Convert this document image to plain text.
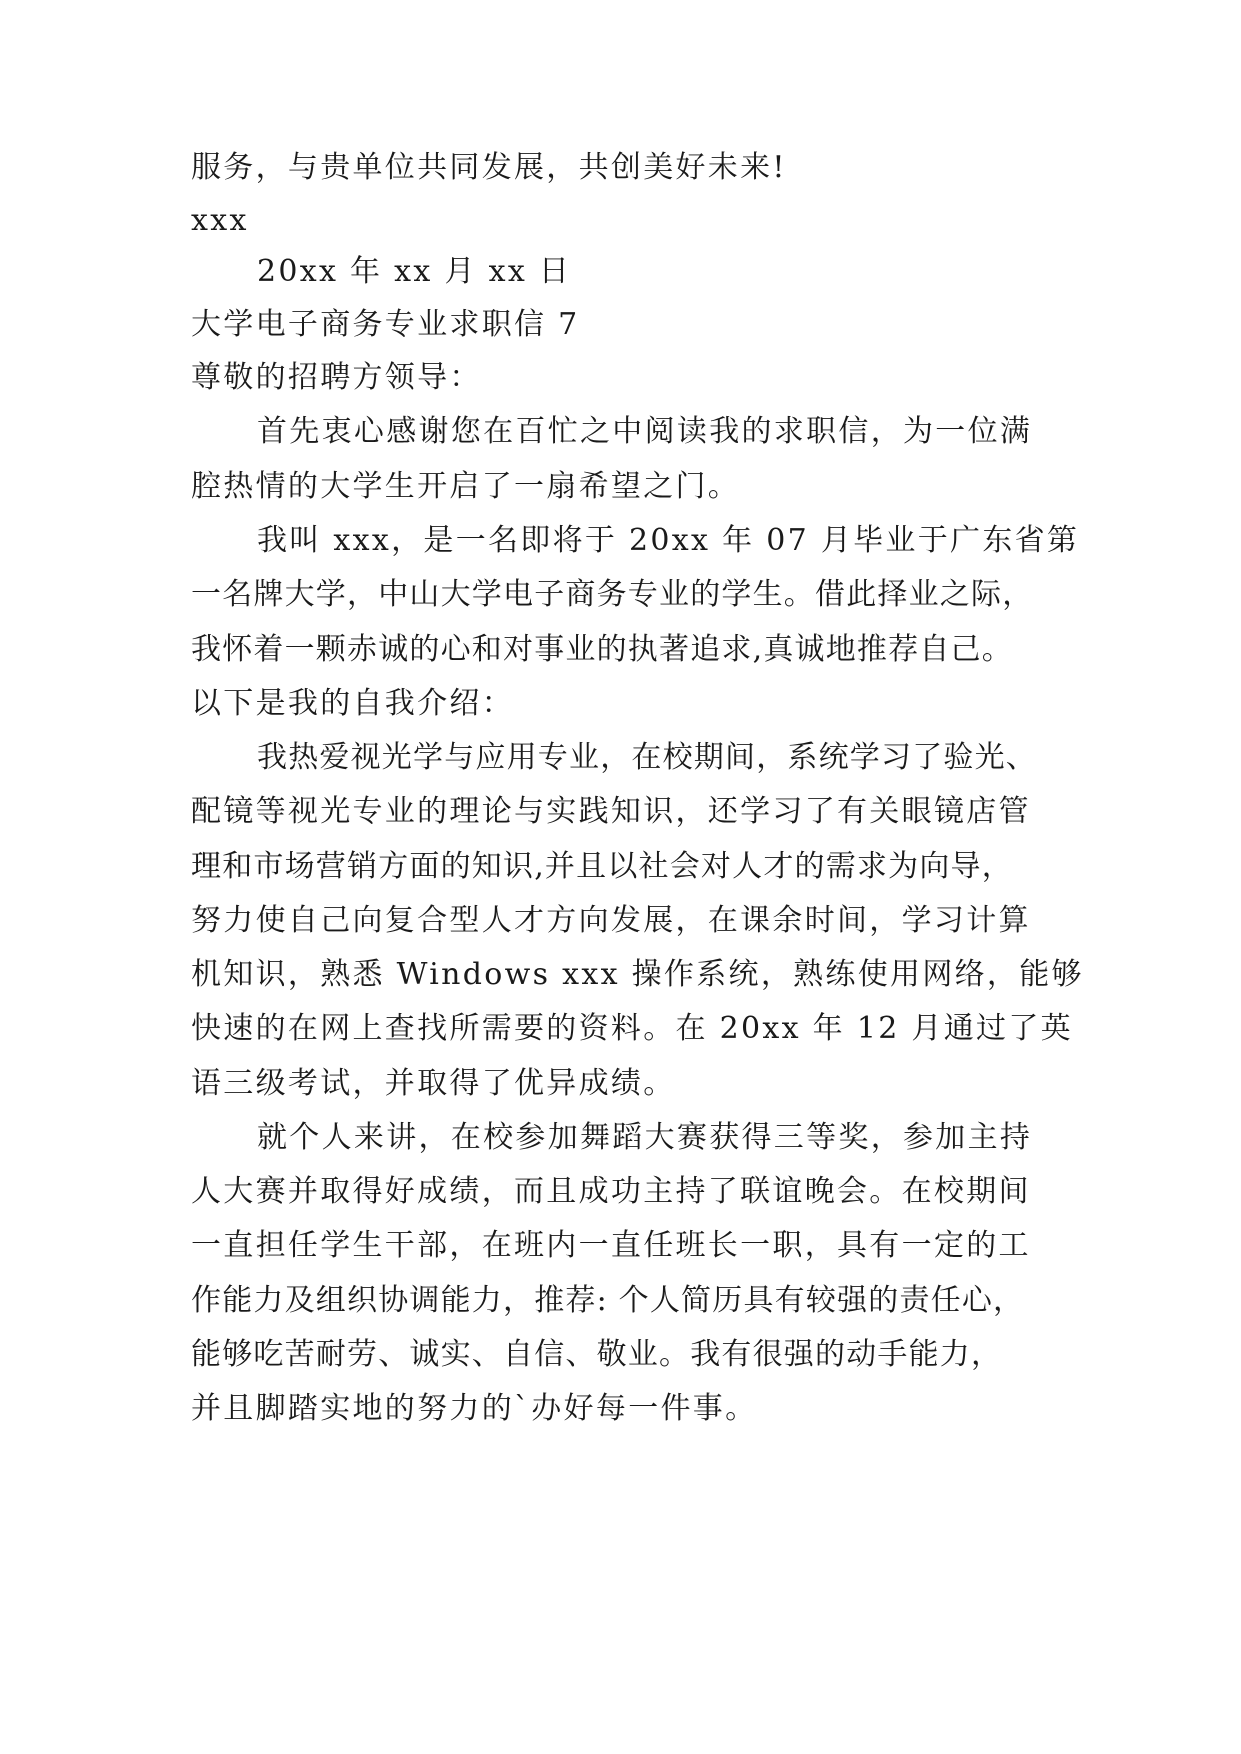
服务，与贵单位共同发展，共创美好未来!
xxx
20xx 年 xx 月 xx 日
大学电子商务专业求职信 7
尊敬的招聘方领导：
首先衷心感谢您在百忙之中阅读我的求职信，为一位满
腔热情的大学生开启了一扇希望之门。
我叫 xxx，是一名即将于 20xx 年 07 月毕业于广东省第
一名牌大学，中山大学电子商务专业的学生。借此择业之际，
我怀着一颗赤诚的心和对事业的执著追求,真诚地推荐自己。
以下是我的自我介绍：
我热爱视光学与应用专业，在校期间，系统学习了验光、
配镜等视光专业的理论与实践知识，还学习了有关眼镜店管
理和市场营销方面的知识,并且以社会对人才的需求为向导，
努力使自己向复合型人才方向发展，在课余时间，学习计算
机知识，熟悉 Windows xxx 操作系统，熟练使用网络，能够
快速的在网上查找所需要的资料。在 20xx 年 12 月通过了英
语三级考试，并取得了优异成绩。
就个人来讲，在校参加舞蹈大赛获得三等奖，参加主持
人大赛并取得好成绩，而且成功主持了联谊晚会。在校期间
一直担任学生干部，在班内一直任班长一职，具有一定的工
作能力及组织协调能力，推荐: 个人简历具有较强的责任心，
能够吃苦耐劳、诚实、自信、敬业。我有很强的动手能力，
并且脚踏实地的努力的`办好每一件事。
